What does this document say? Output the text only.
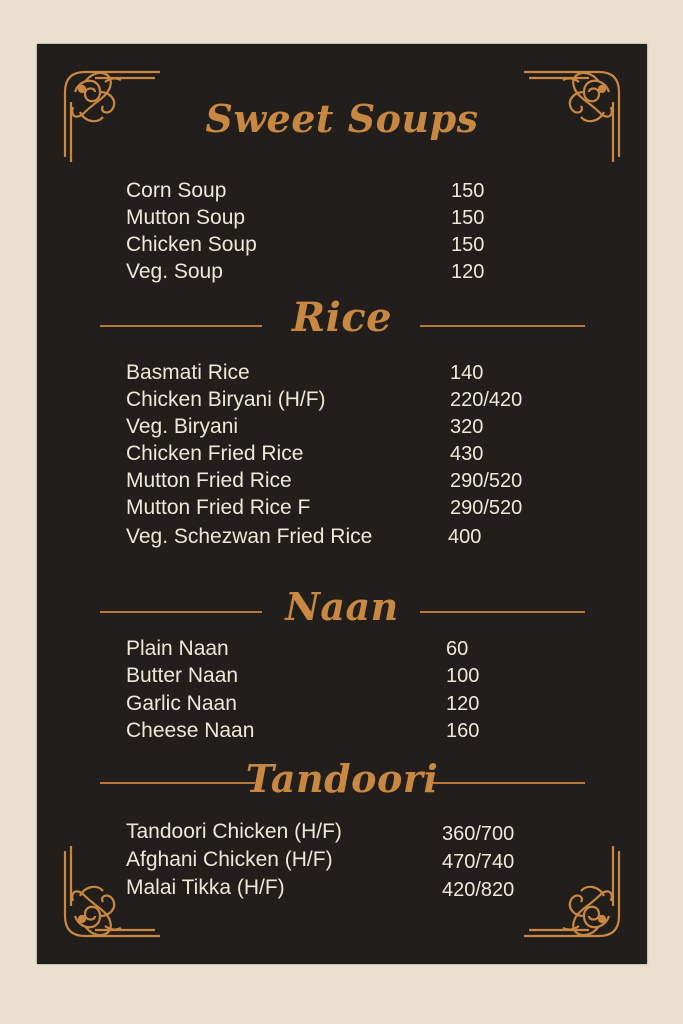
Sweet Soups
Corn Soup	150
Mutton Soup	150
Chicken Soup	150
Veg. Soup	120
Rice
Basmati Rice	140
Chicken Biryani (H/F)	220/420
Veg. Biryani	320
Chicken Fried Rice	430
Mutton Fried Rice	290/520
Mutton Fried Rice F	290/520
Veg. Schezwan Fried Rice	400
Naan
Plain Naan	60
Butter Naan	100
Garlic Naan	120
Cheese Naan	160
Tandoori
Tandoori Chicken (H/F)	360/700
Afghani Chicken (H/F)	470/740
Malai Tikka (H/F)	420/820
